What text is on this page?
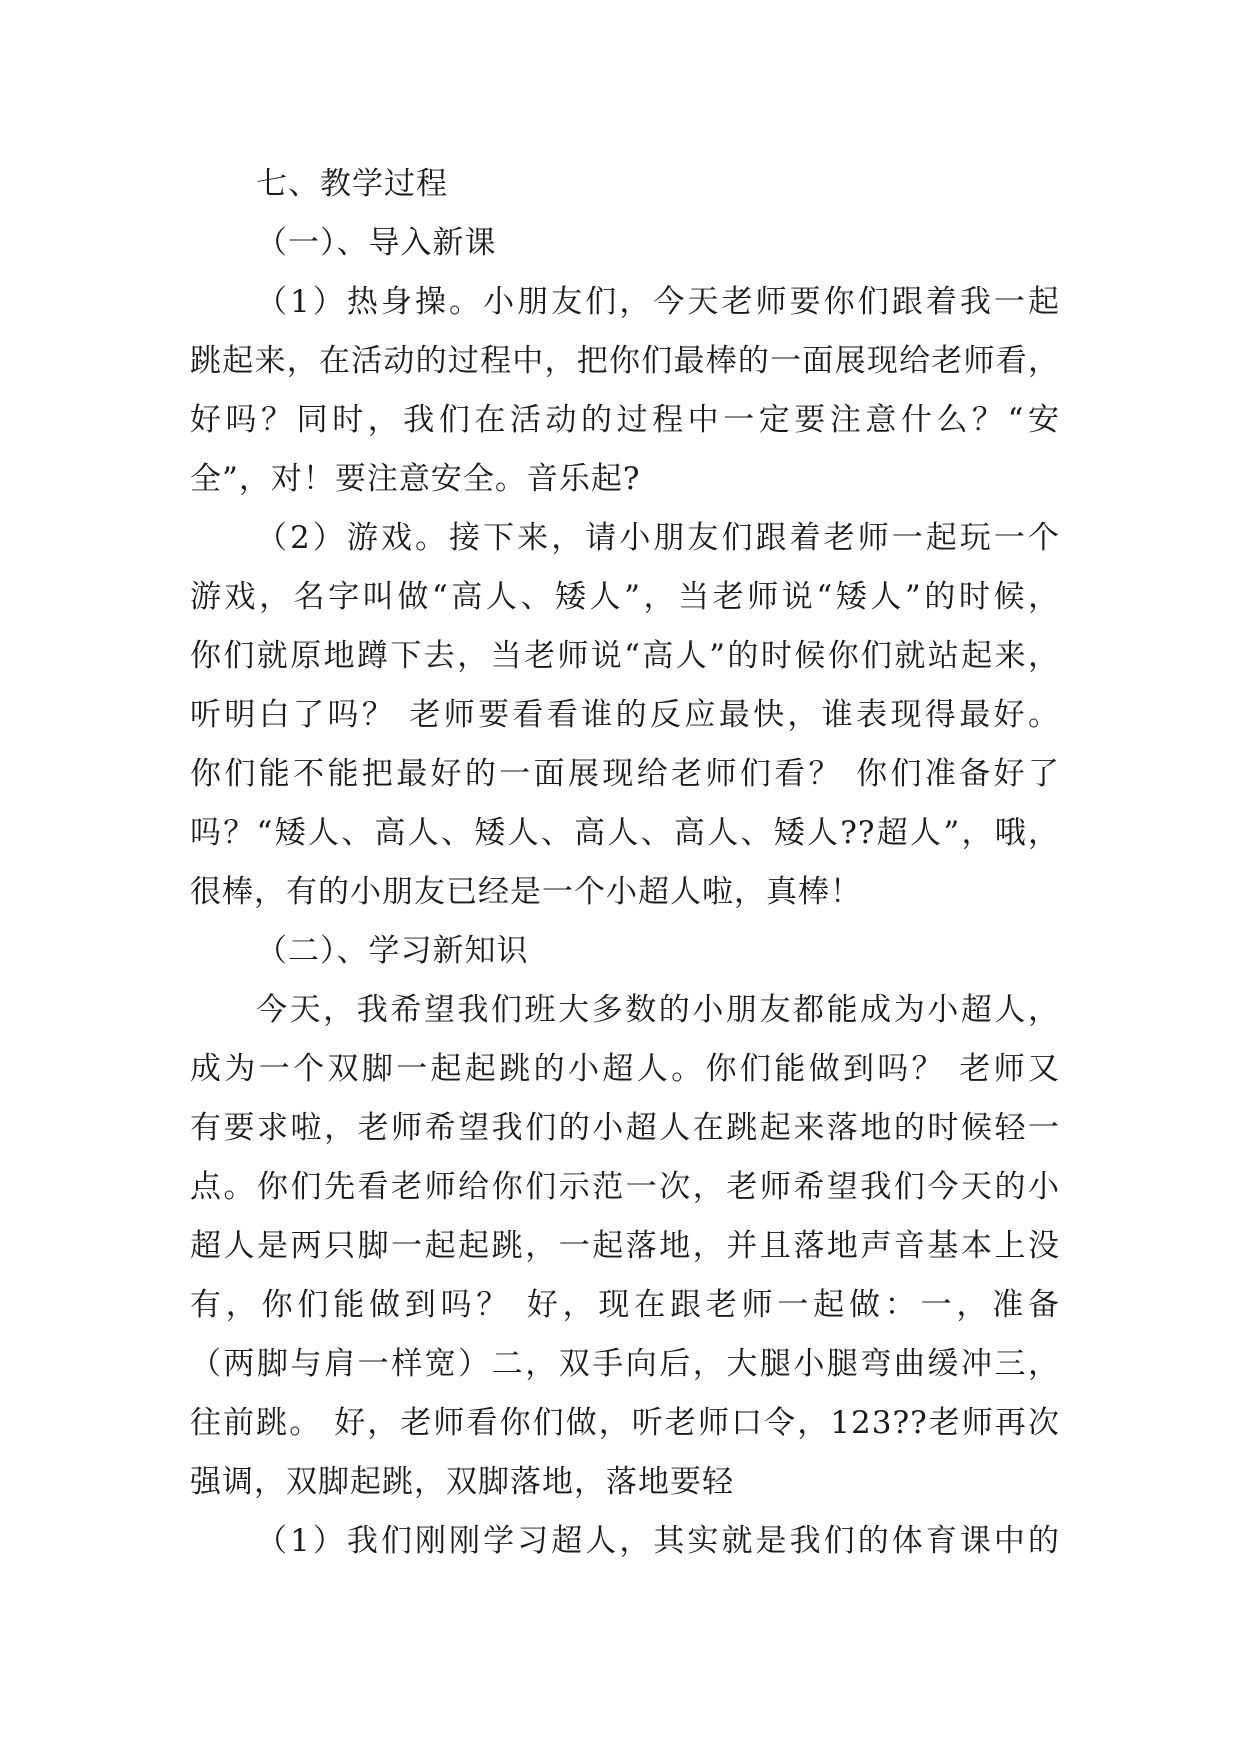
七、教学过程
（一）、导入新课
（1）热身操。小朋友们，今天老师要你们跟着我一起
跳起来，在活动的过程中，把你们最棒的一面展现给老师看，
好吗？同时，我们在活动的过程中一定要注意什么？“安
全”，对！要注意安全。音乐起?
（2）游戏。接下来，请小朋友们跟着老师一起玩一个
游戏，名字叫做“高人、矮人”，当老师说“矮人”的时候，
你们就原地蹲下去，当老师说“高人”的时候你们就站起来，
听明白了吗？ 老师要看看谁的反应最快，谁表现得最好。
你们能不能把最好的一面展现给老师们看？ 你们准备好了
吗？“矮人、高人、矮人、高人、高人、矮人??超人”，哦，
很棒，有的小朋友已经是一个小超人啦，真棒！
（二）、学习新知识
今天，我希望我们班大多数的小朋友都能成为小超人，
成为一个双脚一起起跳的小超人。你们能做到吗？ 老师又
有要求啦，老师希望我们的小超人在跳起来落地的时候轻一
点。你们先看老师给你们示范一次，老师希望我们今天的小
超人是两只脚一起起跳，一起落地，并且落地声音基本上没
有，你们能做到吗？ 好，现在跟老师一起做：一，准备
（两脚与肩一样宽）二，双手向后，大腿小腿弯曲缓冲三，
往前跳。 好，老师看你们做，听老师口令，123??老师再次
强调，双脚起跳，双脚落地，落地要轻
（1）我们刚刚学习超人，其实就是我们的体育课中的
